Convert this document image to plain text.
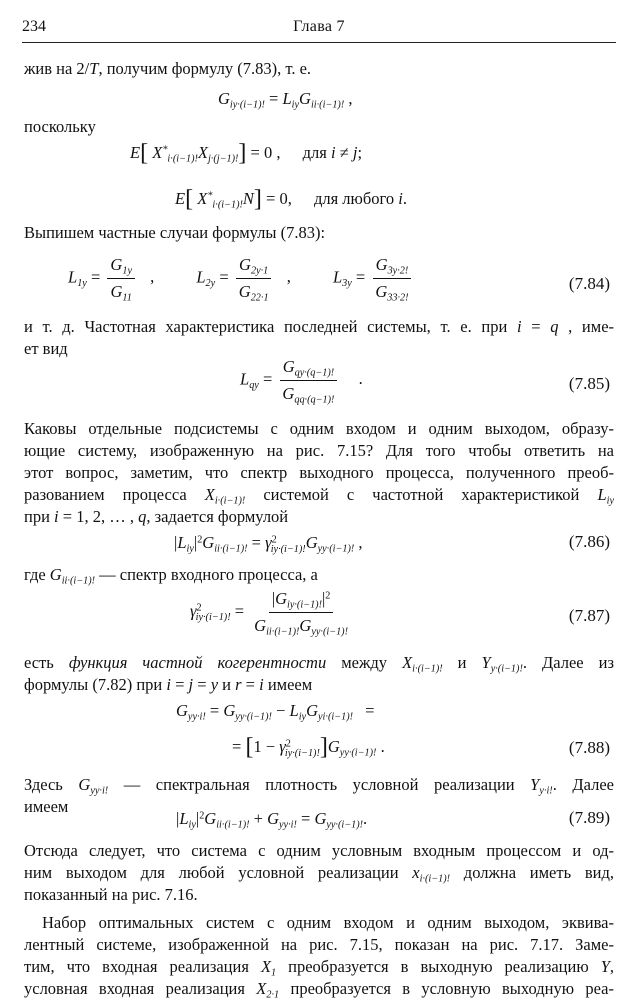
234	Глава 7
жив на 2/T, получим формулу (7.83), т. е.
$G_{iy\cdot(i-1)!} = L_{iy}G_{ii\cdot(i-1)!}$ ,
поскольку
E[ $X^*_{i\cdot(i-1)!}X_{j\cdot(j-1)!}] = 0$ , для i ≠ j;
E[ $X^*_{i\cdot(i-1)!}N] = 0$, для любого i.
Выпишем частные случаи формулы (7.83):
$L_{1y} = \frac{G_{1y}}{G_{11}}$ , $L_{2y} = \frac{G_{2y\cdot 1}}{G_{22\cdot 1}}$ , $L_{3y} = \frac{G_{3y\cdot 2!}}{G_{33\cdot 2!}}$	(7.84)
и т. д. Частотная характеристика последней системы, т. е. при i = q , име-
ет вид
$L_{qy} = \frac{G_{qy\cdot(q-1)!}}{G_{qq\cdot(q-1)!}}$ .	(7.85)
Каковы отдельные подсистемы с одним входом и одним выходом, образу-
ющие систему, изображенную на рис. 7.15? Для того чтобы ответить на
этот вопрос, заметим, что спектр выходного процесса, полученного преоб-
разованием процесса $X_{i\cdot(i-1)!}$ системой с частотной характеристикой $L_{iy}$
при i = 1, 2, … , q, задается формулой
$|L_{iy}|^2G_{ii\cdot(i-1)!} = \gamma^2_{iy\cdot(i-1)!}G_{yy\cdot(i-1)!}$ ,	(7.86)
где $G_{ii\cdot(i-1)!}$ — спектр входного процесса, а
$\gamma^2_{iy\cdot(i-1)!} = \frac{|G_{iy\cdot(i-1)!}|^2}{G_{ii\cdot(i-1)!}G_{yy\cdot(i-1)!}}$	(7.87)
есть функция частной когерентности между $X_{i\cdot(i-1)!}$ и $Y_{y\cdot(i-1)!}$. Далее из
формулы (7.82) при i = j = y и r = i имеем
$G_{yy\cdot i!} = G_{yy\cdot(i-1)!} - L_{iy}G_{yi\cdot(i-1)!}$ =
= $[1 - \gamma^2_{iy\cdot(i-1)!}]G_{yy\cdot(i-1)!}$ .	(7.88)
Здесь $G_{yy\cdot i!}$ — спектральная плотность условной реализации $Y_{y\cdot i!}$. Далее
имеем
$|L_{iy}|^2G_{ii\cdot(i-1)!} + G_{yy\cdot i!} = G_{yy\cdot(i-1)!}$.	(7.89)
Отсюда следует, что система с одним условным входным процессом и од-
ним выходом для любой условной реализации $x_{i\cdot(i-1)!}$ должна иметь вид,
показанный на рис. 7.16.
Набор оптимальных систем с одним входом и одним выходом, эквива-
лентный системе, изображенной на рис. 7.15, показан на рис. 7.17. Заме-
тим, что входная реализация $X_1$ преобразуется в выходную реализацию Y,
условная входная реализация $X_{2\cdot 1}$ преобразуется в условную выходную реа-
